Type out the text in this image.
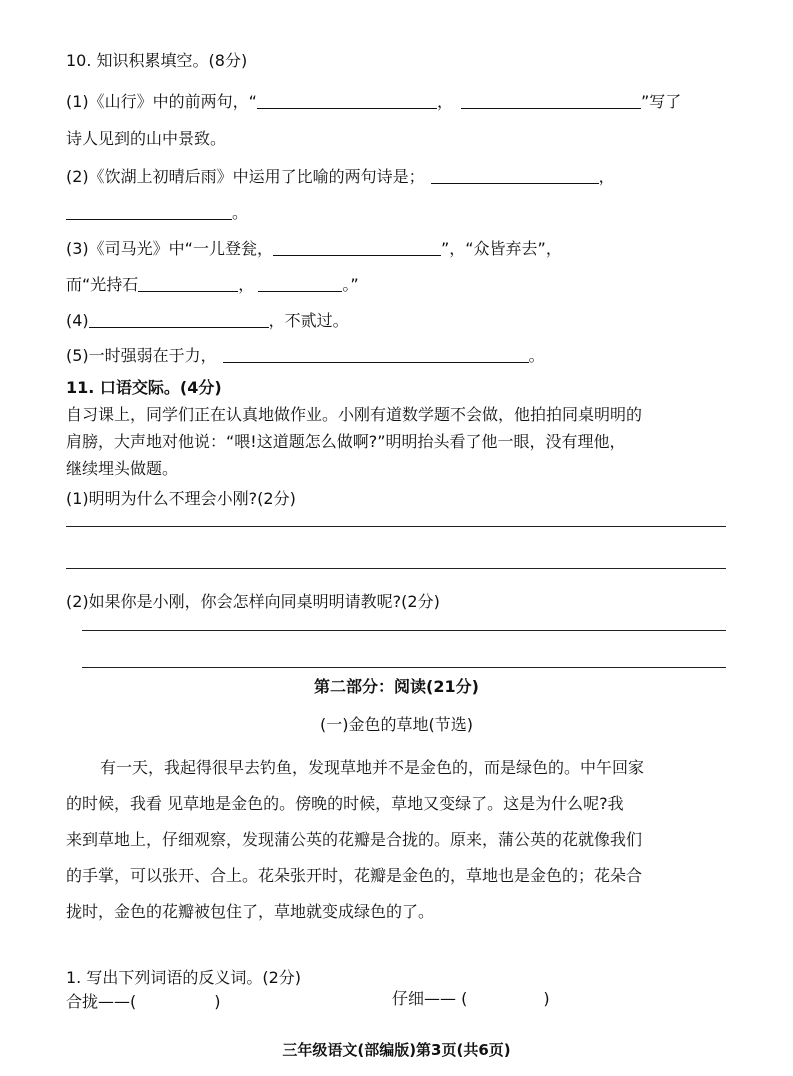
10. 知识积累填空。(8分)
(1)《山行》中的前两句，“	，	”写了
诗人见到的山中景致。
(2)《饮湖上初晴后雨》中运用了比喻的两句诗是；	，
。
(3)《司马光》中“一儿登瓮，	”，“众皆弃去”，
而“光持石	，	。”
(4)	，不贰过。
(5)一时强弱在于力，	。
11. 口语交际。(4分)
自习课上，同学们正在认真地做作业。小刚有道数学题不会做，他拍拍同桌明明的
肩膀，大声地对他说：“喂!这道题怎么做啊?”明明抬头看了他一眼，没有理他，
继续埋头做题。
(1)明明为什么不理会小刚?(2分)
(2)如果你是小刚，你会怎样向同桌明明请教呢?(2分)
第二部分：阅读(21分)
(一)金色的草地(节选)
有一天，我起得很早去钓鱼，发现草地并不是金色的，而是绿色的。中午回家
的时候，我看 见草地是金色的。傍晚的时候，草地又变绿了。这是为什么呢?我
来到草地上，仔细观察，发现蒲公英的花瓣是合拢的。原来，蒲公英的花就像我们
的手掌，可以张开、合上。花朵张开时，花瓣是金色的，草地也是金色的；花朵合
拢时，金色的花瓣被包住了，草地就变成绿色的了。
1. 写出下列词语的反义词。(2分)
合拢——(	)	仔细—— (	)
三年级语文(部编版)第3页(共6页)
